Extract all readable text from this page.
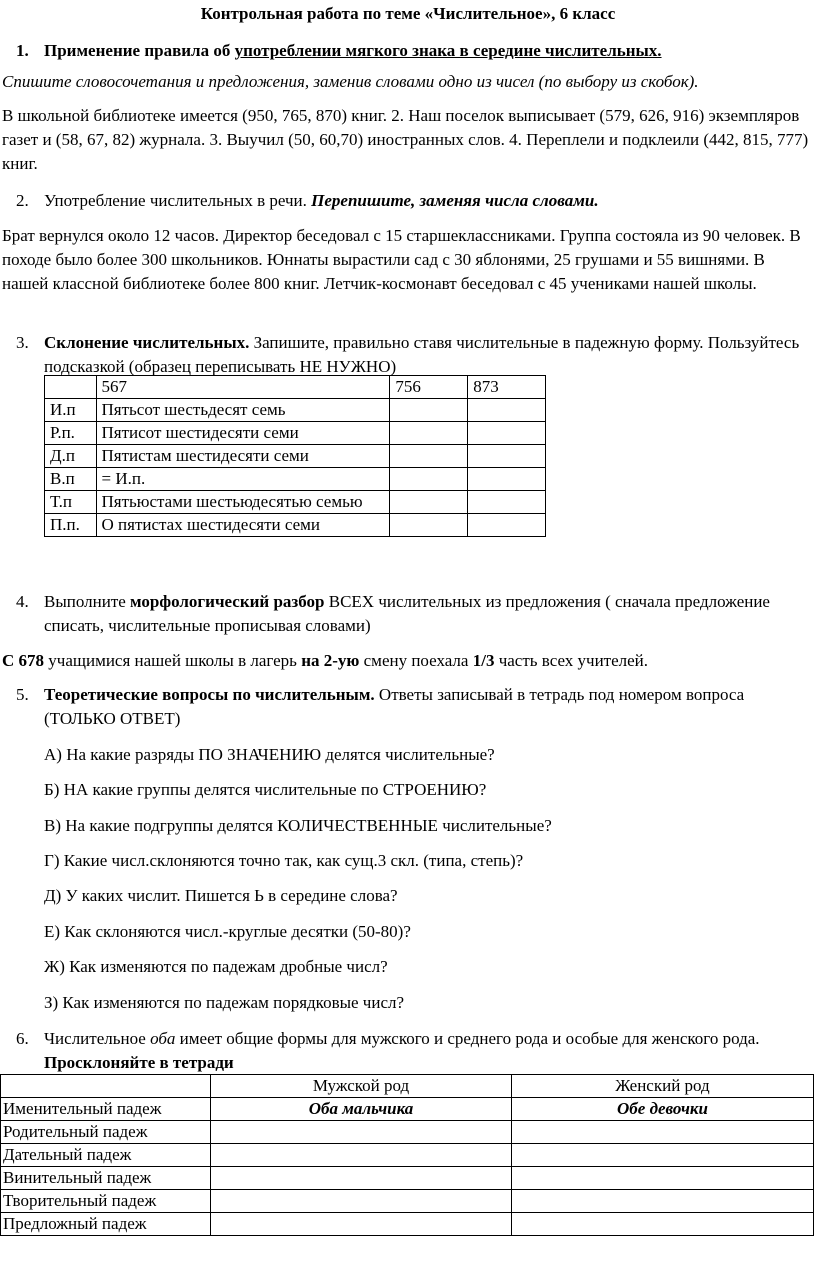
Контрольная работа по теме «Числительное», 6 класс
1. Применение правила об употреблении мягкого знака в середине числительных.
Спишите словосочетания и предложения, заменив словами одно из чисел (по выбору из скобок).
В школьной библиотеке имеется (950, 765, 870) книг. 2. Наш поселок выписывает (579, 626, 916) экземпляров газет и (58, 67, 82) журнала. 3. Выучил (50, 60,70) иностранных слов. 4. Переплели и подклеили (442, 815, 777) книг.
2. Употребление числительных в речи. Перепишите, заменяя числа словами.
Брат вернулся около 12 часов. Директор беседовал с 15 старшеклассниками. Группа состояла из 90 человек. В походе было более 300 школьников. Юннаты вырастили сад с 30 яблонями, 25 грушами и 55 вишнями. В нашей классной библиотеке более 800 книг. Летчик-космонавт беседовал с 45 учениками нашей школы.
3. Склонение числительных. Запишите, правильно ставя числительные в падежную форму. Пользуйтесь подсказкой (образец переписывать НЕ НУЖНО)
	567	756	873
И.п	Пятьсот шестьдесят семь		
Р.п.	Пятисот шестидесяти семи		
Д.п	Пятистам шестидесяти семи		
В.п	= И.п.		
Т.п	Пятьюстами шестьюдесятью семью		
П.п.	О пятистах шестидесяти семи		
4. Выполните морфологический разбор ВСЕХ числительных из предложения ( сначала предложение списать, числительные прописывая словами)
С 678 учащимися нашей школы в лагерь на 2-ую смену поехала 1/3 часть всех учителей.
5. Теоретические вопросы по числительным. Ответы записывай в тетрадь под номером вопроса (ТОЛЬКО ОТВЕТ)
А) На какие разряды ПО ЗНАЧЕНИЮ делятся числительные?
Б) НА какие группы делятся числительные по СТРОЕНИЮ?
В) На какие подгруппы делятся КОЛИЧЕСТВЕННЫЕ числительные?
Г) Какие числ.склоняются точно так, как сущ.3 скл. (типа, степь)?
Д) У каких числит. Пишется Ь в середине слова?
Е) Как склоняются числ.-круглые десятки (50-80)?
Ж) Как изменяются по падежам дробные числ?
З) Как изменяются по падежам порядковые числ?
6. Числительное оба имеет общие формы для мужского и среднего рода и особые для женского рода. Просклоняйте в тетради
	Мужской род	Женский род
Именительный падеж	Оба мальчика	Обе девочки
Родительный падеж		
Дательный падеж		
Винительный падеж		
Творительный падеж		
Предложный падеж		
